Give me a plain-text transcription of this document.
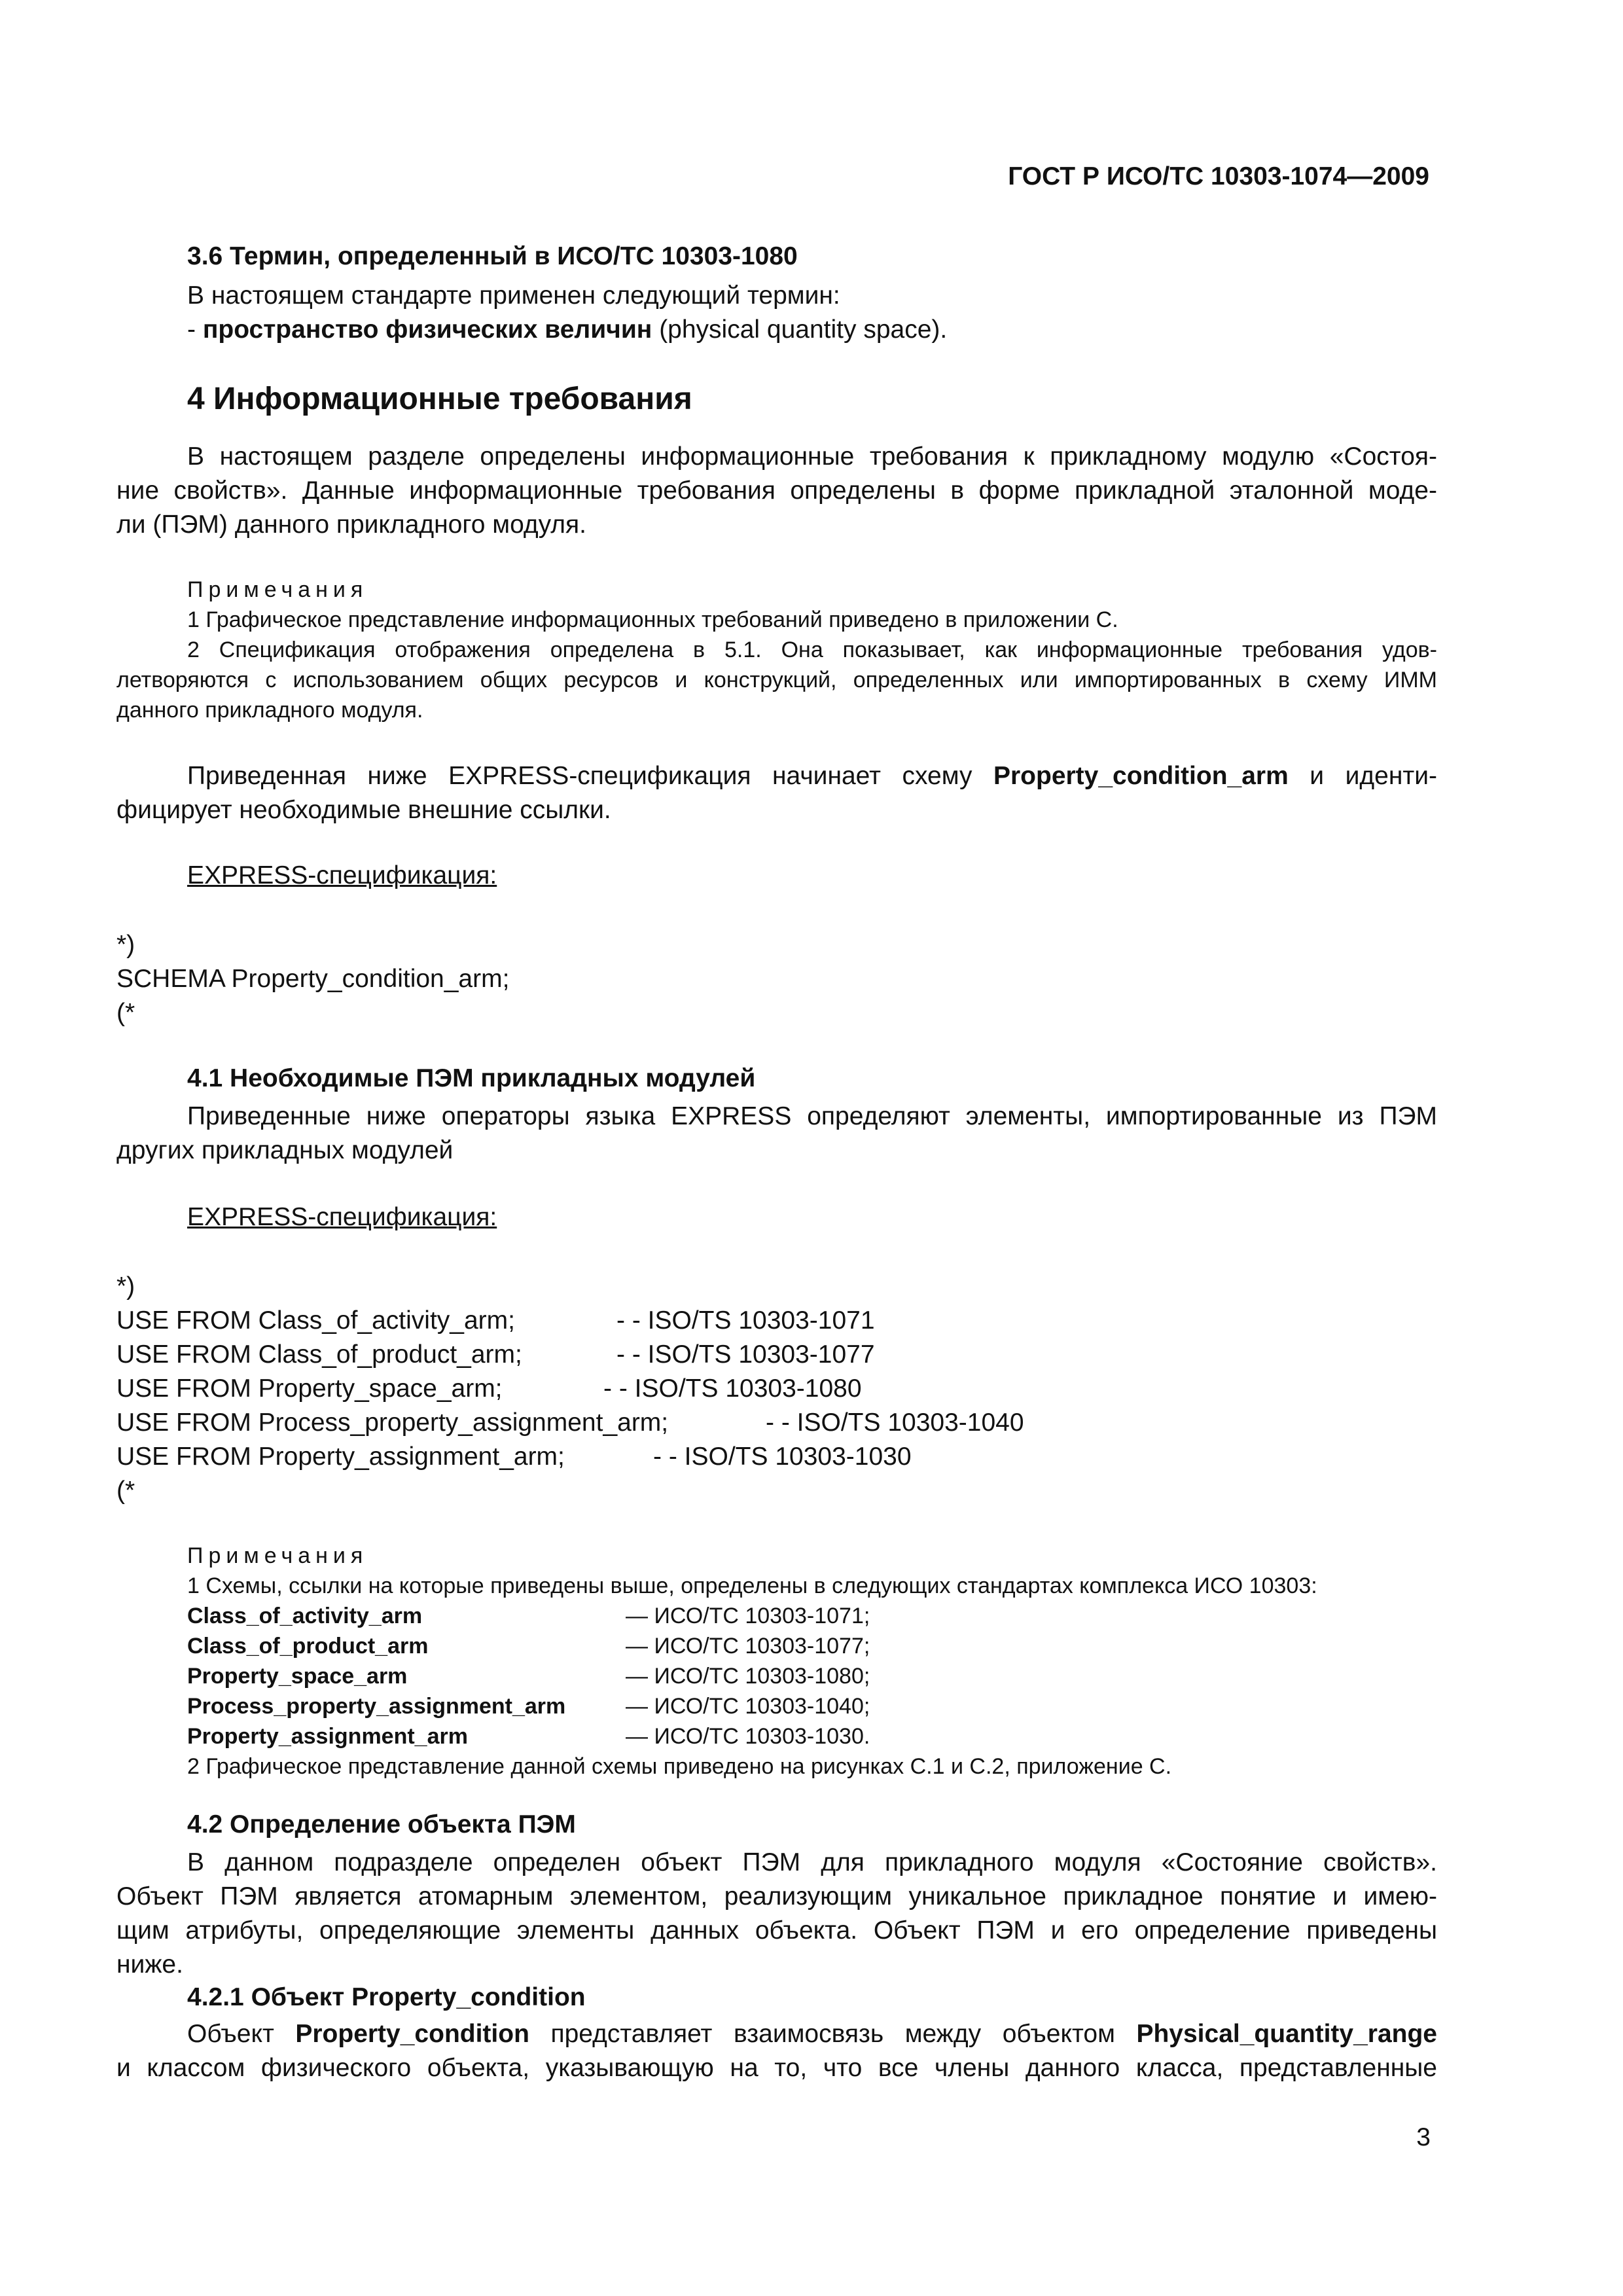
ГОСТ Р ИСО/ТС 10303-1074—2009
3.6 Термин, определенный в ИСО/ТС 10303-1080
В настоящем стандарте применен следующий термин:
- пространство физических величин (physical quantity space).
4 Информационные требования
В настоящем разделе определены информационные требования к прикладному модулю «Состоя-
ние свойств». Данные информационные требования определены в форме прикладной эталонной моде-
ли (ПЭМ) данного прикладного модуля.
Примечания
1 Графическое представление информационных требований приведено в приложении С.
2 Спецификация отображения определена в 5.1. Она показывает, как информационные требования удов-
летворяются с использованием общих ресурсов и конструкций, определенных или импортированных в схему ИММ
данного прикладного модуля.
Приведенная ниже EXPRESS-спецификация начинает схему Property_condition_arm и иденти-
фицирует необходимые внешние ссылки.
EXPRESS-спецификация:
*)
SCHEMA Property_condition_arm;
(*
4.1 Необходимые ПЭМ прикладных модулей
Приведенные ниже операторы языка EXPRESS определяют элементы, импортированные из ПЭМ
других прикладных модулей
EXPRESS-спецификация:
*)
USE FROM Class_of_activity_arm;	- - ISO/TS 10303-1071
USE FROM Class_of_product_arm;	- - ISO/TS 10303-1077
USE FROM Property_space_arm;	- - ISO/TS 10303-1080
USE FROM Process_property_assignment_arm;	- - ISO/TS 10303-1040
USE FROM Property_assignment_arm;	- - ISO/TS 10303-1030
(*
Примечания
1 Схемы, ссылки на которые приведены выше, определены в следующих стандартах комплекса ИСО 10303:
Class_of_activity_arm	— ИСО/ТС 10303-1071;
Class_of_product_arm	— ИСО/ТС 10303-1077;
Property_space_arm	— ИСО/ТС 10303-1080;
Process_property_assignment_arm	— ИСО/ТС 10303-1040;
Property_assignment_arm	— ИСО/ТС 10303-1030.
2 Графическое представление данной схемы приведено на рисунках С.1 и С.2, приложение С.
4.2 Определение объекта ПЭМ
В данном подразделе определен объект ПЭМ для прикладного модуля «Состояние свойств».
Объект ПЭМ является атомарным элементом, реализующим уникальное прикладное понятие и имею-
щим атрибуты, определяющие элементы данных объекта. Объект ПЭМ и его определение приведены
ниже.
4.2.1 Объект Property_condition
Объект Property_condition представляет взаимосвязь между объектом Physical_quantity_range
и классом физического объекта, указывающую на то, что все члены данного класса, представленные
3
